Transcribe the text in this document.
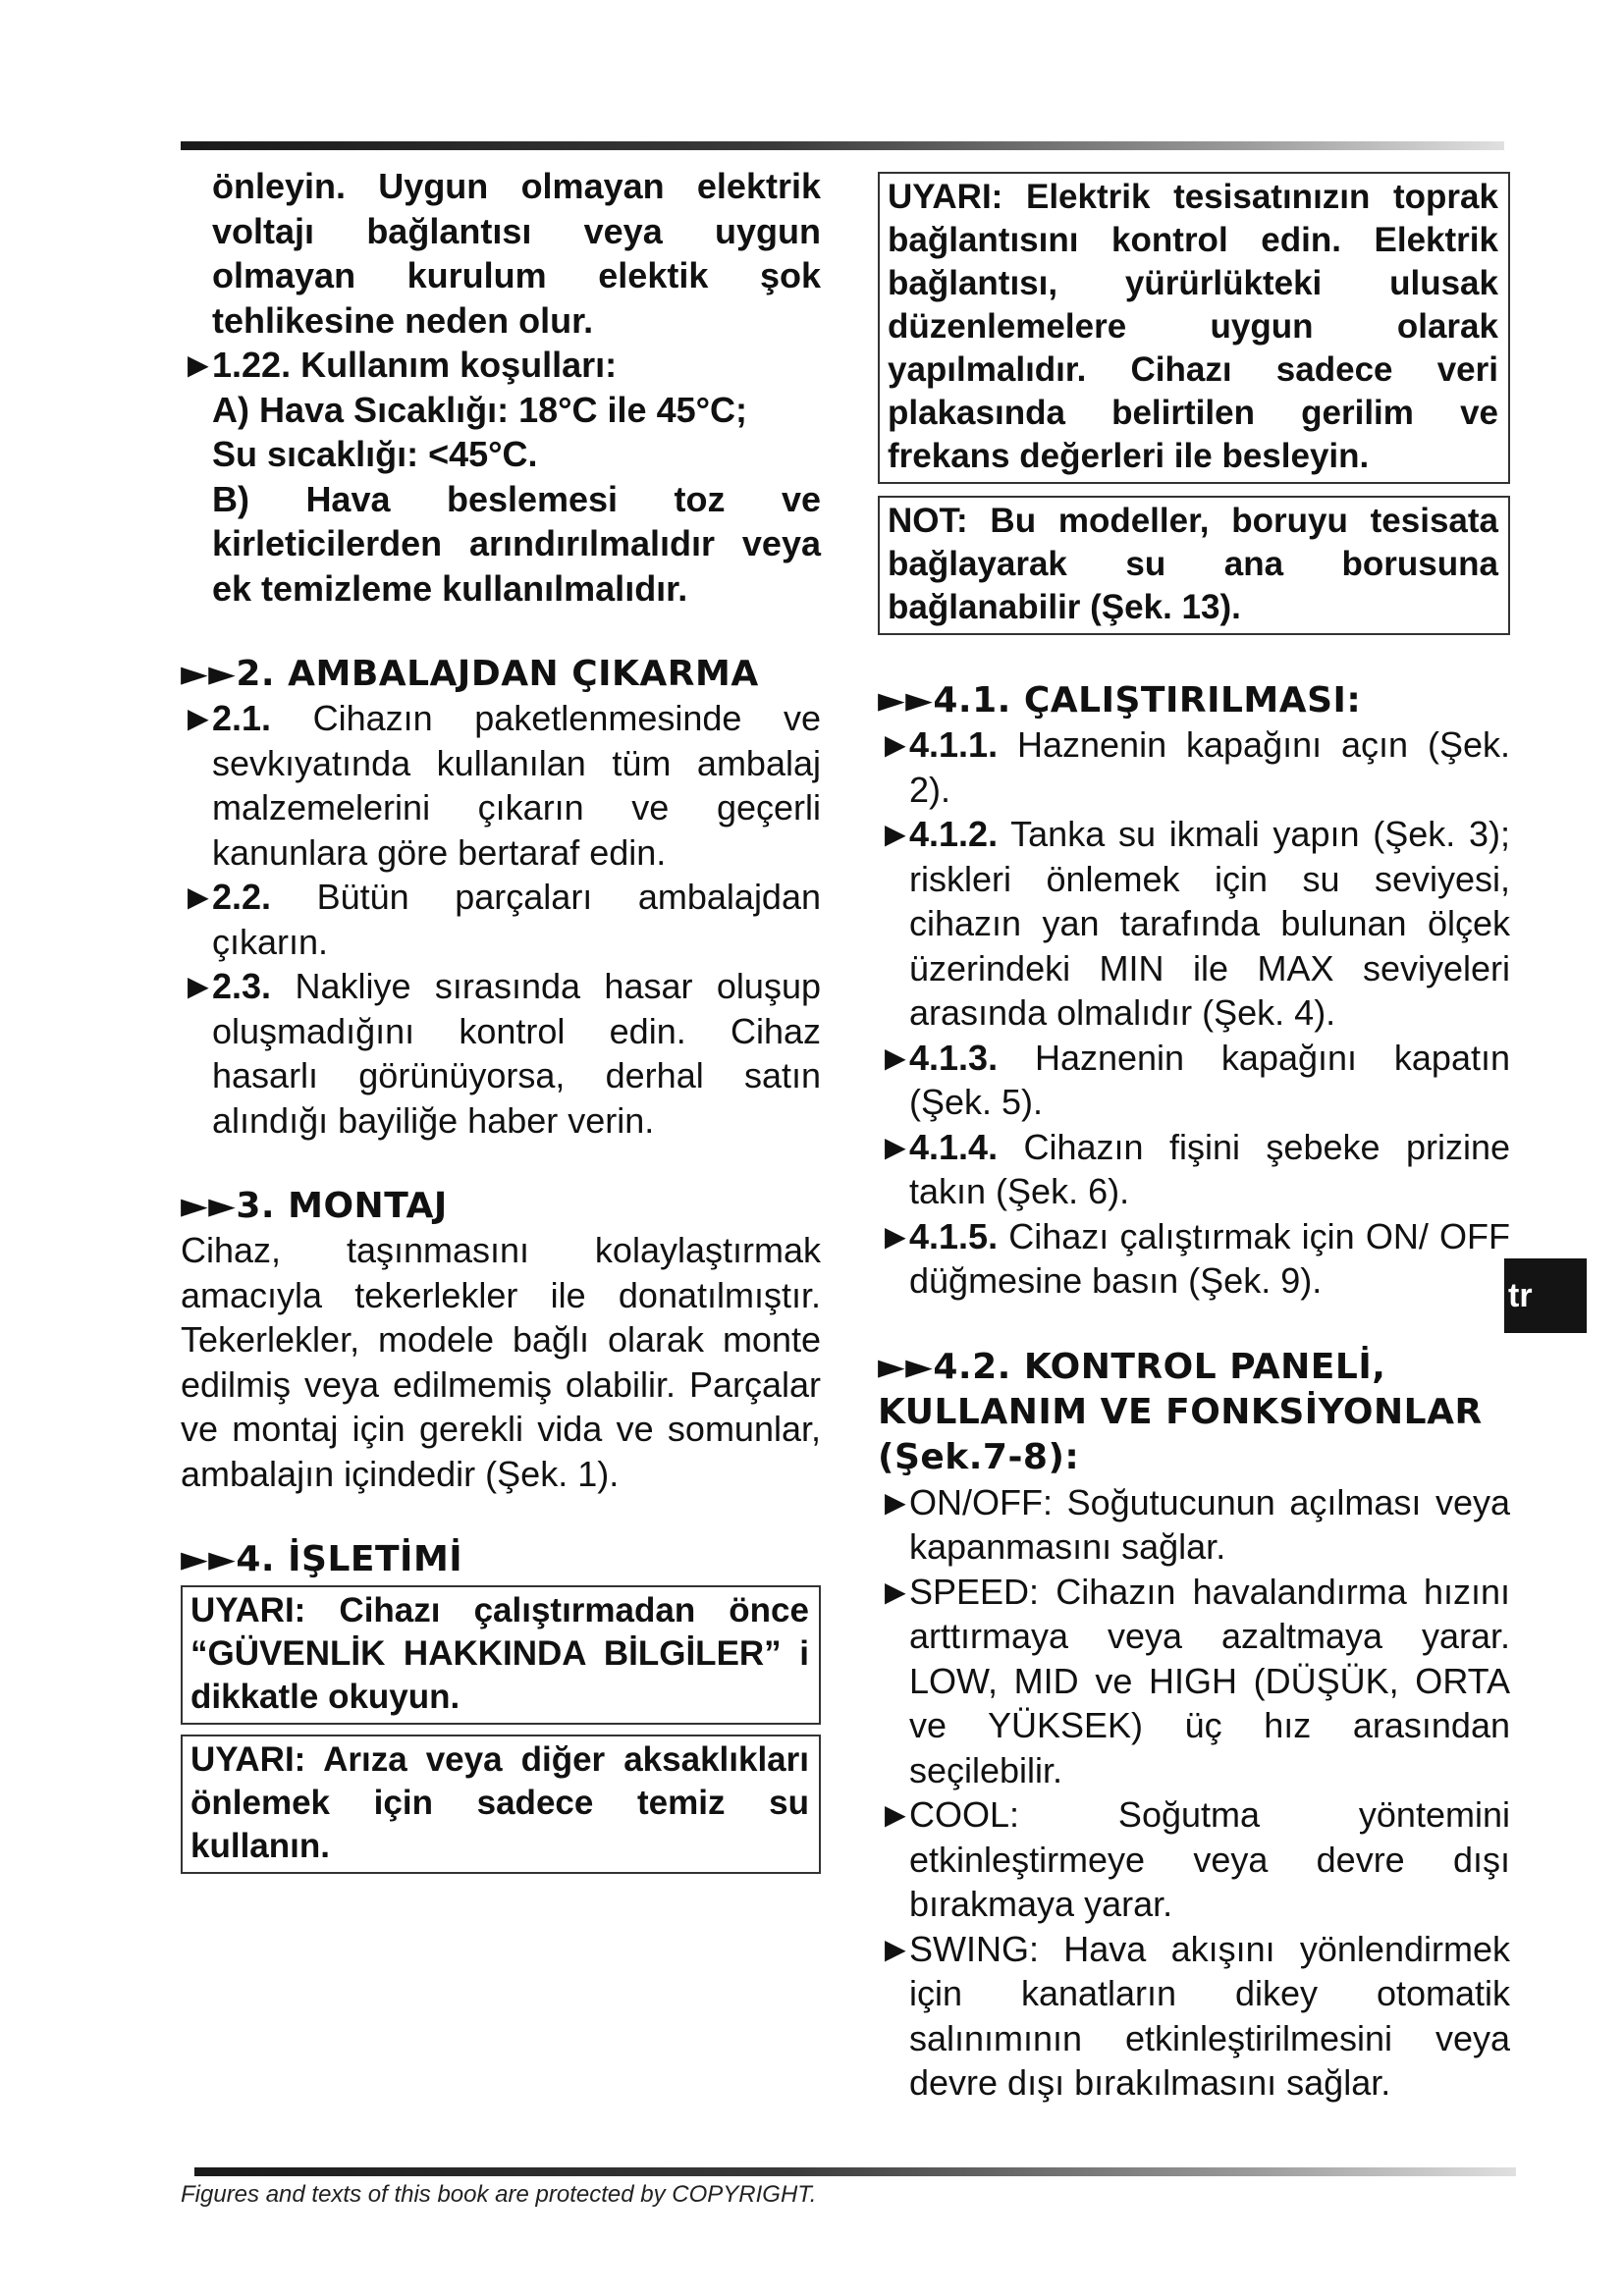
önleyin. Uygun olmayan elektrik voltajı bağlantısı veya uygun olmayan kurulum elektik şok tehlikesine neden olur.

►
1.22. Kullanım koşulları:

A) Hava Sıcaklığı: 18°C ile 45°C;

Su sıcaklığı: <45°C.

B) Hava beslemesi toz ve kirleticilerden arındırılmalıdır veya ek temizleme kullanılmalıdır.

►►2. AMBALAJDAN ÇIKARMA
►
2.1. Cihazın paketlenmesinde ve sevkıyatında kullanılan tüm ambalaj malzemelerini çıkarın ve geçerli kanunlara göre bertaraf edin.
►
2.2. Bütün parçaları ambalajdan çıkarın.
►
2.3. Nakliye sırasında hasar oluşup oluşmadığını kontrol edin. Cihaz hasarlı görünüyorsa, derhal satın alındığı bayiliğe haber verin.
►►3. MONTAJ

Cihaz, taşınmasını kolaylaştırmak amacıyla tekerlekler ile donatılmıştır. Tekerlekler, modele bağlı olarak monte edilmiş veya edilmemiş olabilir. Parçalar ve montaj için gerekli vida ve somunlar, ambalajın içindedir (Şek. 1).

►►4. İŞLETİMİ
UYARI: Cihazı çalıştırmadan önce “GÜVENLİK HAKKINDA BİLGİLER” i dikkatle okuyun.
UYARI: Arıza veya diğer aksaklıkları önlemek için sadece temiz su kullanın.
UYARI: Elektrik tesisatınızın toprak bağlantısını kontrol edin. Elektrik bağlantısı, yürürlükteki ulusak düzenlemelere uygun olarak yapılmalıdır. Cihazı sadece veri plakasında belirtilen gerilim ve frekans değerleri ile besleyin.
NOT: Bu modeller, boruyu tesisata bağlayarak su ana borusuna bağlanabilir (Şek. 13).
►►4.1. ÇALIŞTIRILMASI:
►
4.1.1. Haznenin kapağını açın (Şek. 2).
►
4.1.2. Tanka su ikmali yapın (Şek. 3); riskleri önlemek için su seviyesi, cihazın yan tarafında bulunan ölçek üzerindeki MIN ile MAX seviyeleri arasında olmalıdır (Şek. 4).
►
4.1.3. Haznenin kapağını kapatın (Şek. 5).
►
4.1.4. Cihazın fişini şebeke prizine takın (Şek. 6).
►
4.1.5. Cihazı çalıştırmak için ON/ OFF düğmesine basın (Şek. 9).
►►4.2. KONTROL PANELİ, KULLANIM VE FONKSİYONLAR (Şek.7-8):
►
ON/OFF: Soğutucunun açılması veya kapanmasını sağlar.
►
SPEED: Cihazın havalandırma hızını arttırmaya veya azaltmaya yarar. LOW, MID ve HIGH (DÜŞÜK, ORTA ve YÜKSEK) üç hız arasından seçilebilir.
►
COOL: Soğutma yöntemini etkinleştirmeye veya devre dışı bırakmaya yarar.
►
SWING: Hava akışını yönlendirmek için kanatların dikey otomatik salınımının etkinleştirilmesini veya devre dışı bırakılmasını sağlar.
tr
Figures and texts of this book are protected by COPYRIGHT.
